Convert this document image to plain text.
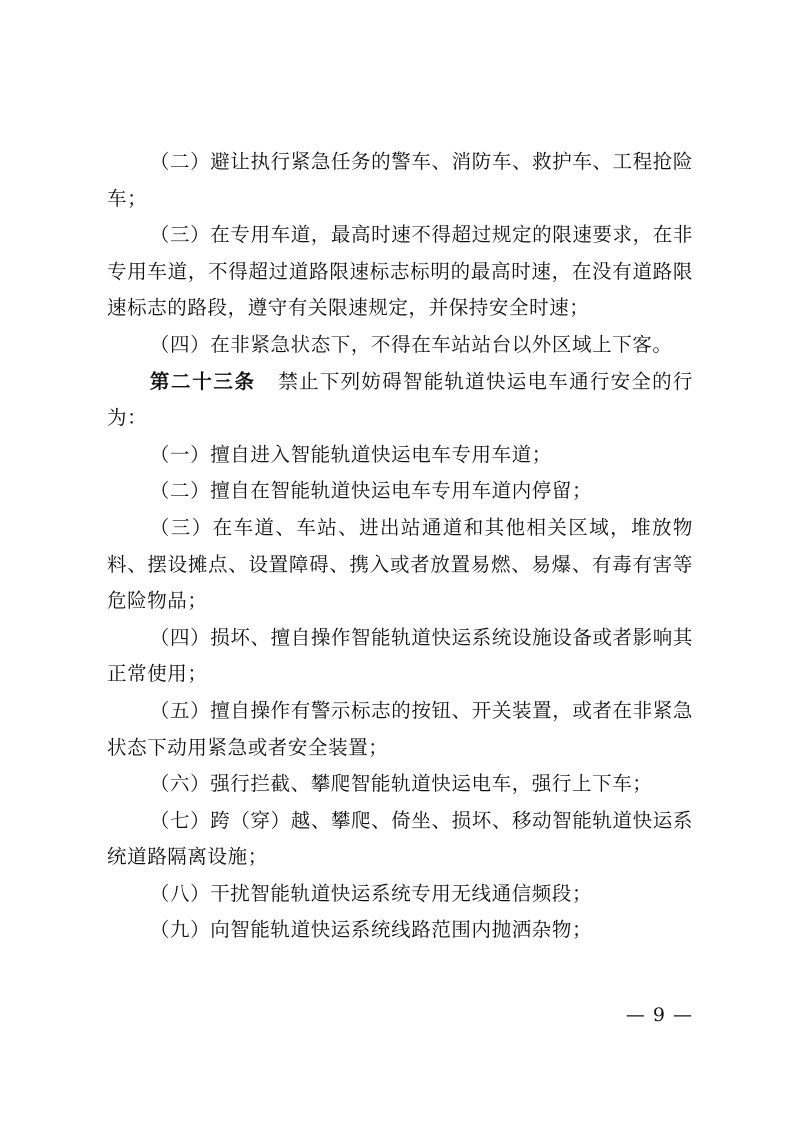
（二）避让执行紧急任务的警车、消防车、救护车、工程抢险车；

（三）在专用车道，最高时速不得超过规定的限速要求，在非专用车道，不得超过道路限速标志标明的最高时速，在没有道路限速标志的路段，遵守有关限速规定，并保持安全时速；

（四）在非紧急状态下，不得在车站站台以外区域上下客。

第二十三条 禁止下列妨碍智能轨道快运电车通行安全的行为：

（一）擅自进入智能轨道快运电车专用车道；

（二）擅自在智能轨道快运电车专用车道内停留；

（三）在车道、车站、进出站通道和其他相关区域，堆放物料、摆设摊点、设置障碍、携入或者放置易燃、易爆、有毒有害等危险物品；

（四）损坏、擅自操作智能轨道快运系统设施设备或者影响其正常使用；

（五）擅自操作有警示标志的按钮、开关装置，或者在非紧急状态下动用紧急或者安全装置；

（六）强行拦截、攀爬智能轨道快运电车，强行上下车；

（七）跨（穿）越、攀爬、倚坐、损坏、移动智能轨道快运系统道路隔离设施；

（八）干扰智能轨道快运系统专用无线通信频段；

（九）向智能轨道快运系统线路范围内抛洒杂物；

— 9 —
